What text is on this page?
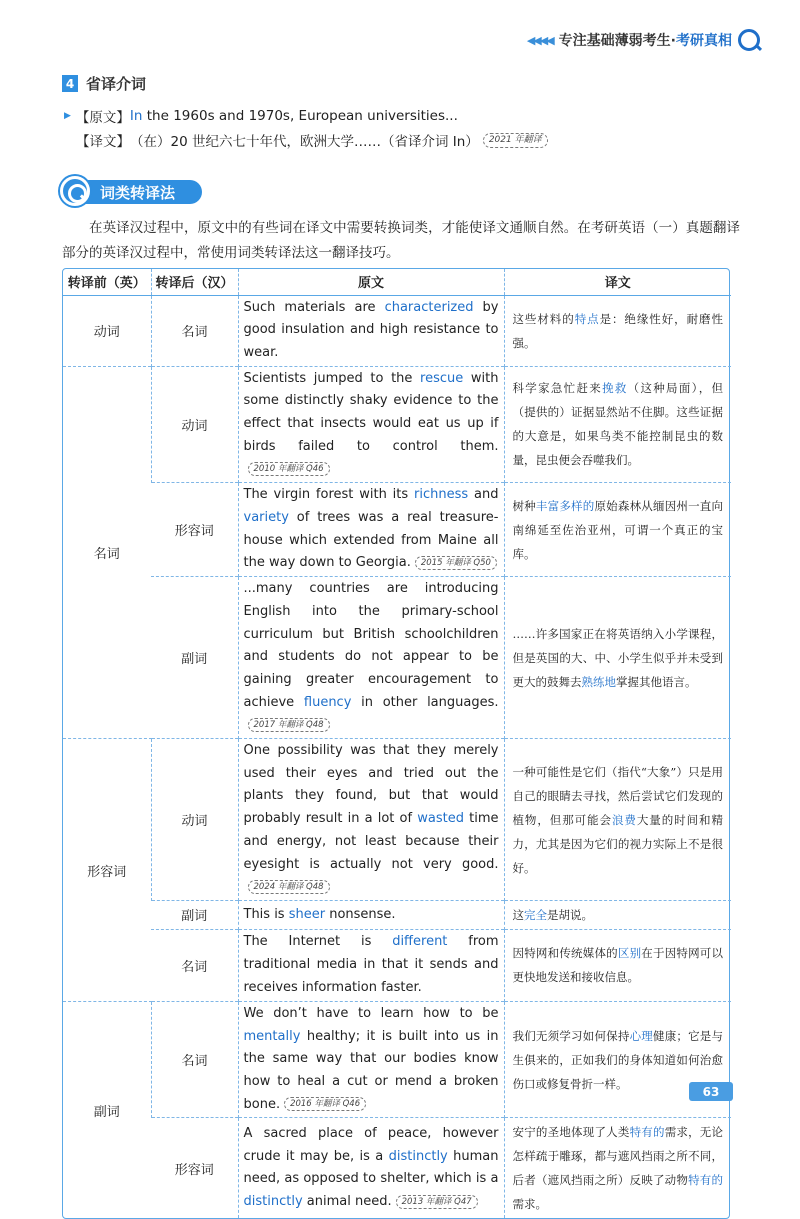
◀◀◀◀ 专注基础薄弱考生·考研真相
4 省译介词
▶ 【原文】 In the 1960s and 1970s, European universities...
【译文】 （在）20 世纪六七十年代，欧洲大学……（省译介词 In）	2021 年翻译
词类转译法

在英译汉过程中，原文中的有些词在译文中需要转换词类，才能使译文通顺自然。在考研英语（一）真题翻译部分的英译汉过程中，常使用词类转译法这一翻译技巧。

转译前（英）	转译后（汉）	原文	译文
动词	名词	Such materials are characterized by good insulation and high resistance to wear.	这些材料的特点是：绝缘性好，耐磨性强。
名词	动词	Scientists jumped to the rescue with some distinctly shaky evidence to the effect that insects would eat us up if birds failed to control them.2010 年翻译 Q46	科学家急忙赶来挽救（这种局面），但（提供的）证据显然站不住脚。这些证据的大意是，如果鸟类不能控制昆虫的数量，昆虫便会吞噬我们。
	形容词	The virgin forest with its richness and variety of trees was a real treasure-house which extended from Maine all the way down to Georgia. 2015 年翻译 Q50	树种丰富多样的原始森林从缅因州一直向南绵延至佐治亚州，可谓一个真正的宝库。
	副词	...many countries are introducing English into the primary-school curriculum but British schoolchildren and students do not appear to be gaining greater encouragement to achieve fluency in other languages.2017 年翻译 Q48	……许多国家正在将英语纳入小学课程，但是英国的大、中、小学生似乎并未受到更大的鼓舞去熟练地掌握其他语言。
形容词	动词	One possibility was that they merely used their eyes and tried out the plants they found, but that would probably result in a lot of wasted time and energy, not least because their eyesight is actually not very good.2024 年翻译 Q48	一种可能性是它们（指代“大象”）只是用自己的眼睛去寻找，然后尝试它们发现的植物，但那可能会浪费大量的时间和精力，尤其是因为它们的视力实际上不是很好。
	副词	This is sheer nonsense.	这完全是胡说。
	名词	The Internet is different from traditional media in that it sends and receives information faster.	因特网和传统媒体的区别在于因特网可以更快地发送和接收信息。
副词	名词	We don’t have to learn how to be mentally healthy; it is built into us in the same way that our bodies know how to heal a cut or mend a broken bone. 2016 年翻译 Q46	我们无须学习如何保持心理健康；它是与生俱来的，正如我们的身体知道如何治愈伤口或修复骨折一样。
	形容词	A sacred place of peace, however crude it may be, is a distinctly human need, as opposed to shelter, which is a distinctly animal need. 2013 年翻译 Q47	安宁的圣地体现了人类特有的需求，无论怎样疏于雕琢，都与遮风挡雨之所不同，后者（遮风挡雨之所）反映了动物特有的需求。
63
